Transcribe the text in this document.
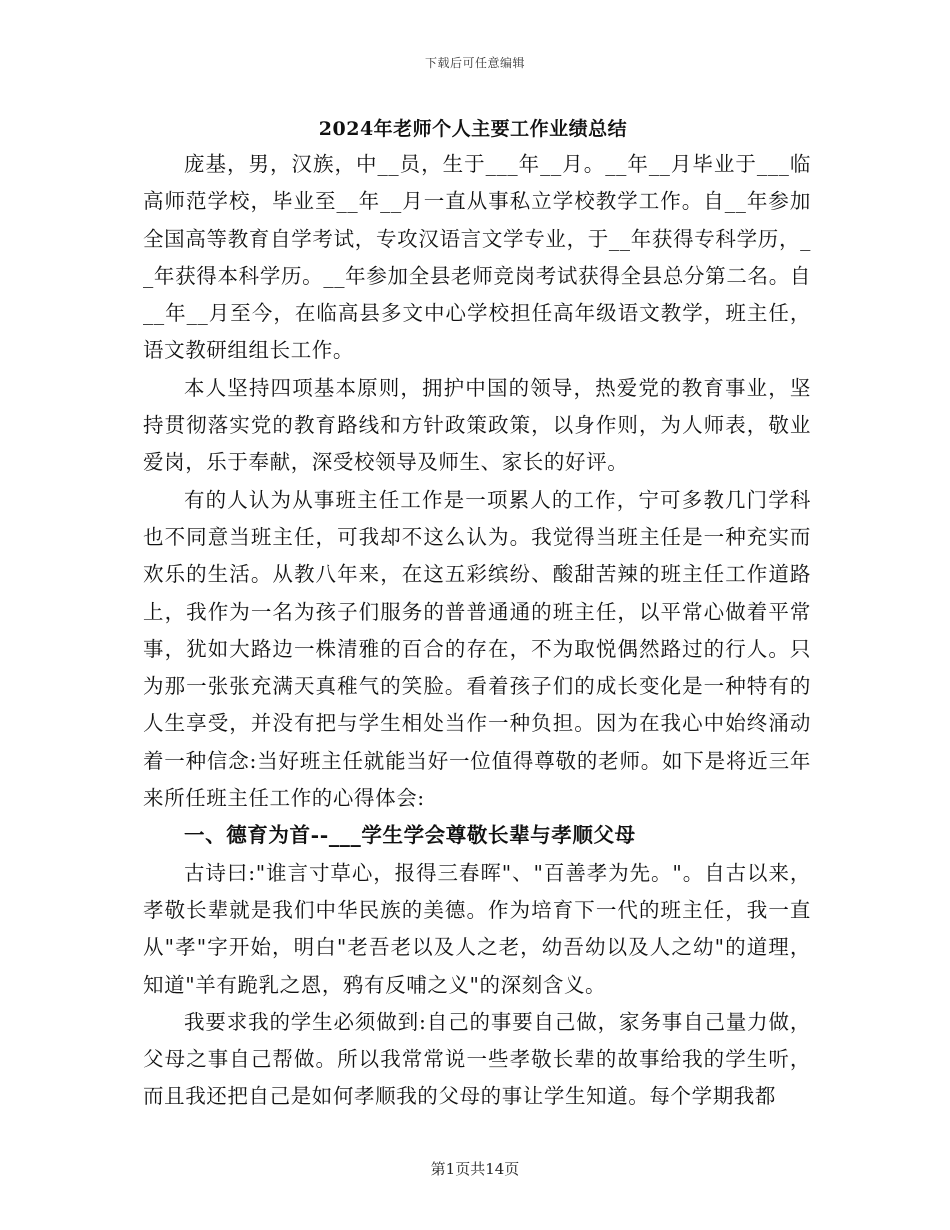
下载后可任意编辑
2024年老师个人主要工作业绩总结

庞基，男，汉族，中__员，生于___年__月。__年__月毕业于___临高师范学校，毕业至__年__月一直从事私立学校教学工作。自__年参加全国高等教育自学考试，专攻汉语言文学专业，于__年获得专科学历，__年获得本科学历。__年参加全县老师竞岗考试获得全县总分第二名。自__年__月至今，在临高县多文中心学校担任高年级语文教学，班主任，语文教研组组长工作。

本人坚持四项基本原则，拥护中国的领导，热爱党的教育事业，坚持贯彻落实党的教育路线和方针政策政策，以身作则，为人师表，敬业爱岗，乐于奉献，深受校领导及师生、家长的好评。

有的人认为从事班主任工作是一项累人的工作，宁可多教几门学科也不同意当班主任，可我却不这么认为。我觉得当班主任是一种充实而欢乐的生活。从教八年来，在这五彩缤纷、酸甜苦辣的班主任工作道路上，我作为一名为孩子们服务的普普通通的班主任，以平常心做着平常事，犹如大路边一株清雅的百合的存在，不为取悦偶然路过的行人。只为那一张张充满天真稚气的笑脸。看着孩子们的成长变化是一种特有的人生享受，并没有把与学生相处当作一种负担。因为在我心中始终涌动着一种信念:当好班主任就能当好一位值得尊敬的老师。如下是将近三年来所任班主任工作的心得体会:

一、德育为首--___学生学会尊敬长辈与孝顺父母

古诗曰:"谁言寸草心，报得三春晖"、"百善孝为先。"。自古以来，孝敬长辈就是我们中华民族的美德。作为培育下一代的班主任，我一直从"孝"字开始，明白"老吾老以及人之老，幼吾幼以及人之幼"的道理，知道"羊有跪乳之恩，鸦有反哺之义"的深刻含义。

我要求我的学生必须做到:自己的事要自己做，家务事自己量力做，父母之事自己帮做。所以我常常说一些孝敬长辈的故事给我的学生听，而且我还把自己是如何孝顺我的父母的事让学生知道。每个学期我都

第1页共14页
